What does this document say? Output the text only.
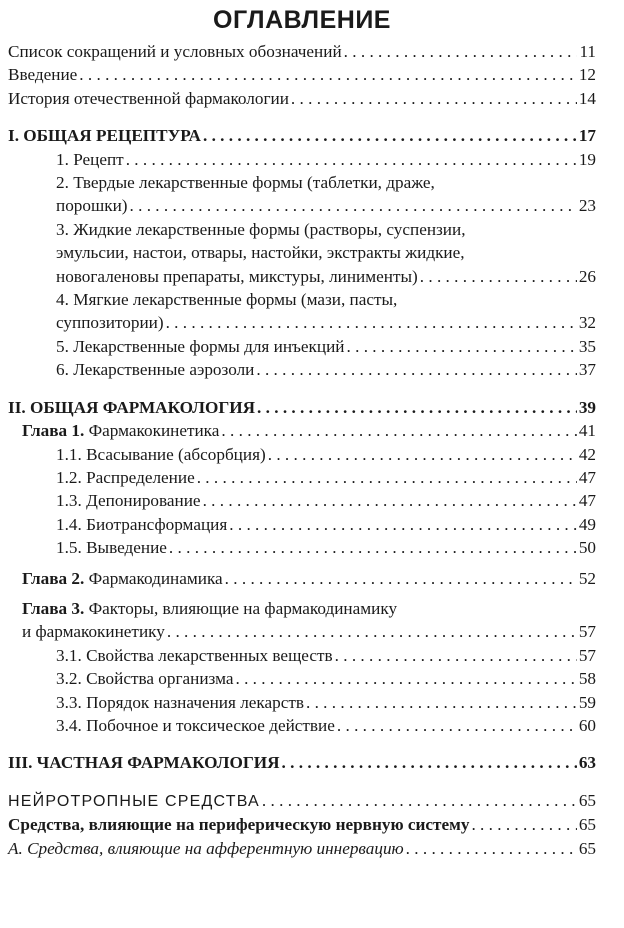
ОГЛАВЛЕНИЕ
Список сокращений и условных обозначений . . .	11
Введение . . .	12
История отечественной фармакологии . . .	14
I. ОБЩАЯ РЕЦЕПТУРА . . .	17
1. Рецепт . . .	19
2. Твердые лекарственные формы (таблетки, драже,
порошки) . . .	23
3. Жидкие лекарственные формы (растворы, суспензии,
эмульсии, настои, отвары, настойки, экстракты жидкие,
новогаленовы препараты, микстуры, линименты) . . .	26
4. Мягкие лекарственные формы (мази, пасты,
суппозитории) . . .	32
5. Лекарственные формы для инъекций . . .	35
6. Лекарственные аэрозоли . . .	37
II. ОБЩАЯ ФАРМАКОЛОГИЯ . . .	39
Глава 1. Фармакокинетика . . .	41
1.1. Всасывание (абсорбция) . . .	42
1.2. Распределение . . .	47
1.3. Депонирование . . .	47
1.4. Биотрансформация . . .	49
1.5. Выведение . . .	50
Глава 2. Фармакодинамика . . .	52
Глава 3. Факторы, влияющие на фармакодинамику
и фармакокинетику . . .	57
3.1. Свойства лекарственных веществ . . .	57
3.2. Свойства организма . . .	58
3.3. Порядок назначения лекарств . . .	59
3.4. Побочное и токсическое действие . . .	60
III. ЧАСТНАЯ ФАРМАКОЛОГИЯ . . .	63
НЕЙРОТРОПНЫЕ СРЕДСТВА . . .	65
Средства, влияющие на периферическую нервную систему . . .	65
А. Средства, влияющие на афферентную иннервацию . . .	65
